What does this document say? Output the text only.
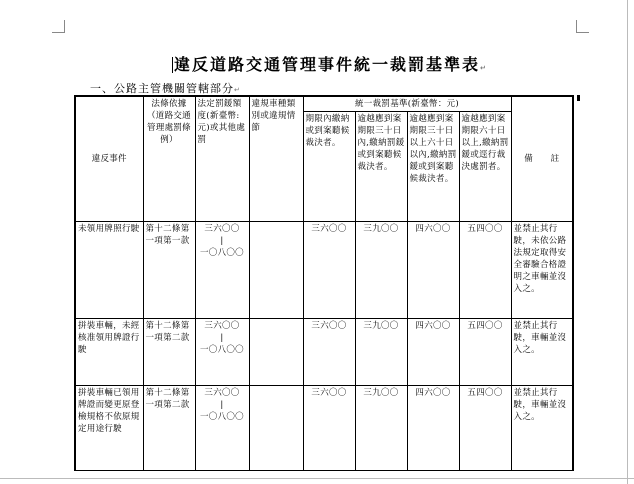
違反道路交通管理事件統一裁罰基準表↵
一、公路主管機關管轄部分↵
違反事件	法條依據（道路交通管理處罰條例）	法定罰鍰額度(新臺幣:元)或其他處罰	違規車種類別或違規情節	統一裁罰基準(新臺幣：元)				備　　註
				期限內繳納或到案聽候裁決者。	逾越應到案期限三十日內,繳納罰鍰或到案聽候裁決者。	逾越應到案期限三十日以上六十日以內,繳納罰鍰或到案聽候裁決者。	逾越應到案期限六十日以上,繳納罰鍰或逕行裁決處罰者。	
未領用牌照行駛	第十二條第一項第一款	三六〇〇
|
一〇八〇〇		三六〇〇	三九〇〇	四六〇〇	五四〇〇	並禁止其行駛，未依公路法規定取得安全審驗合格證明之車輛並沒入之。
拼裝車輛，未經核准領用牌證行駛	第十二條第一項第二款	三六〇〇
|
一〇八〇〇		三六〇〇	三九〇〇	四六〇〇	五四〇〇	並禁止其行駛，車輛並沒入之。
拼裝車輛已領用牌證而變更原登檢規格不依原規定用途行駛	第十二條第一項第二款	三六〇〇
|
一〇八〇〇		三六〇〇	三九〇〇	四六〇〇	五四〇〇	並禁止其行駛，車輛並沒入之。
